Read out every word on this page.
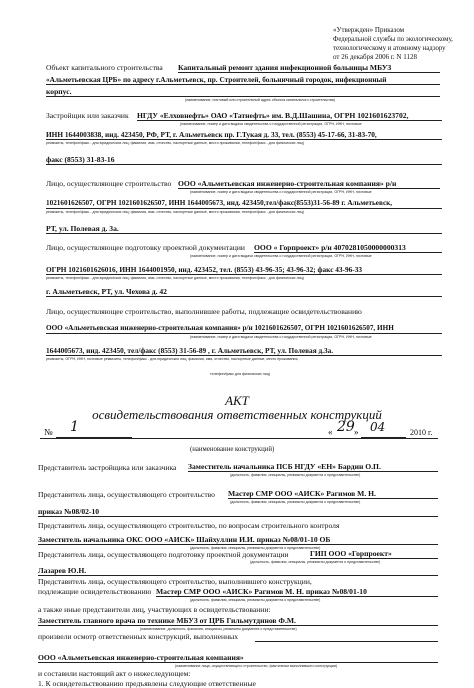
«Утвержден» Приказом
Федеральной службы по экологическому,
технологическому и атомному надзору
от 26 декабря 2006 г. N 1128
Объект капитального строительства Капитальный ремонт здания инфекционной больницы МБУЗ
«Альметьевская ЦРБ» по адресу г.Альметьевск, пр. Строителей, больничный городок, инфекционный
корпус.
(наименование, почтовый или строительный адрес объекта капитального строительства)
Застройщик или заказчик НГДУ «Елховнефть» ОАО «Татнефть» им. В.Д.Шашина, ОГРН 1021601623702,
(наименование, номер и дата выдачи свидетельства о государственной регистрации, ОГРН, ИНН, почтовые
ИНН 1644003838, инд. 423450, РФ, РТ, г. Альметьевск пр. Г.Тукая д. 33, тел. (8553) 45-17-66, 31-83-70,
реквизиты, телефон/факс - для юридических лиц; фамилия, имя, отчество, паспортные данные, место проживания, телефон/факс - для физических лиц)
факс (8553) 31-83-16
Лицо, осуществляющее строительство ООО «Альметьевская инженерно-строительная компания» р/н
(наименование, номер и дата выдачи свидетельства о государственной регистрации, ОГРН, ИНН, почтовые
1021601626507, ОГРН 1021601626507, ИНН 1644005673, инд. 423450,тел/факс(8553)31-56-89 г. Альметьевск,
реквизиты, телефон/факс - для юридических лиц; фамилия, имя, отчество, паспортные данные, место проживания, телефон/факс - для физических лиц)
РТ, ул. Полевая д. 3а.
Лицо, осуществляющее подготовку проектной документации ООО « Горпроект» р/н 4070281050000000313
(наименование, номер и дата выдачи свидетельства о государственной регистрации, ОГРН, ИНН, почтовые
ОГРН 1021601626016, ИНН 1644001950, инд. 423452, тел. (8553) 43-96-35; 43-96-32; факс 43-96-33
реквизиты, телефон/факс - для юридических лиц; фамилия, имя, отчество, паспортные данные, место проживания, телефон/факс - для физических лиц)
г. Альметьевск, РТ, ул. Чехова д. 42
Лицо, осуществляющее строительство, выполнившее работы, подлежащие освидетельствованию
ООО «Альметьевская инженерно-строительная компания» р/н 1021601626507, ОГРН 1021601626507, ИНН
(наименование, номер и дата выдачи свидетельства о государственной регистрации, ОГРН, ИНН, почтовые
1644005673, инд. 423450, тел/факс (8553) 31-56-89 , г. Альметьевск, РТ, ул. Полевая д.3а.
реквизиты, ОГРН, ИНН, почтовые реквизиты, телефон/факс - для юридических лиц; фамилия, имя, отчество, паспортные данные, место проживания,
телефон/факс для физических лиц)
АКТ
освидетельствования ответственных конструкций
№ 1	« 29 » 04	2010 г.
(наименование конструкций)
Представитель застройщика или заказчика Заместитель начальника ПСБ НГДУ «ЕН» Бардин О.П.
(должность, фамилия, инициалы, реквизиты документа о представительстве)
Представитель лица, осуществляющего строительство Мастер СМР ООО «АИСК» Рагимов М. Н.
(должность, фамилия, инициалы, реквизиты документа о представительстве)
приказ №08/02-10
Представитель лица, осуществляющего строительство, по вопросам строительного контроля
Заместитель начальника ОКС ООО «АИСК» Шайхуллин И.И. приказ №08/01-10 ОБ
(должность, фамилия, инициалы, реквизиты документа о представительстве)
Представитель лица, осуществляющего подготовку проектной документации	ГИП ООО «Горпроект»
(должность, фамилия, инициалы, реквизиты документа о представительстве)
Лазарев Ю.Н.
Представитель лица, осуществляющего строительство, выполнившего конструкции,
подлежащие освидетельствованию Мастер СМР ООО «АИСК» Рагимов М. Н. приказ №08/01-10
(должность, фамилия, инициалы, реквизиты документа о представительстве)
а также иные представители лиц, участвующих в освидетельствовании:
Заместитель главного врача по технике МБУЗ от ЦРБ Гильмутдинов Ф.М.
(наименование, должность, фамилия, инициалы, реквизиты документа о представительстве)
произвели осмотр ответственных конструкций, выполненных
ООО «Альметьевская инженерно-строительная компания»
(наименование лица, осуществляющего строительство, фактически выполнившего конструкции)
и составили настоящий акт о нижеследующем:
1. К освидетельствованию предъявлены следующие ответственные
